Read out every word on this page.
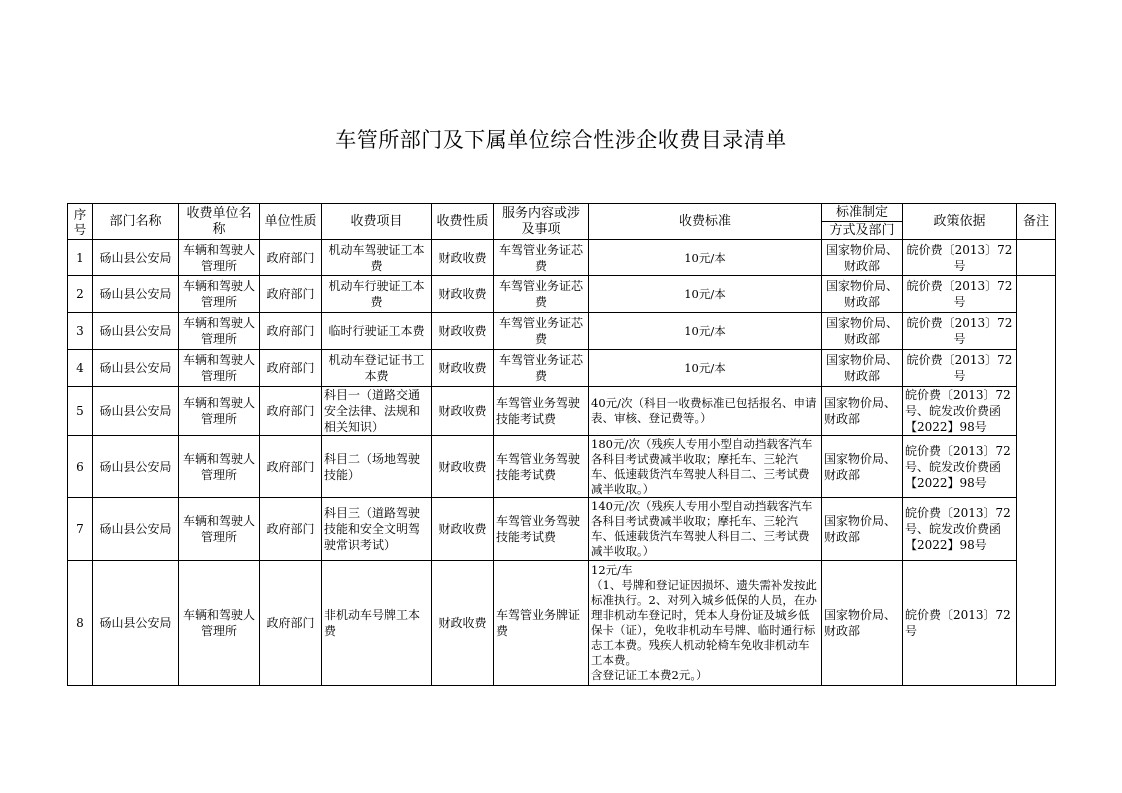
车管所部门及下属单位综合性涉企收费目录清单
序号	部门名称	收费单位名称	单位性质	收费项目	收费性质	服务内容或涉及事项	收费标准	标准制定
方式及部门	政策依据	备注
1	砀山县公安局	车辆和驾驶人管理所	政府部门	机动车驾驶证工本费	财政收费	车驾管业务证芯费	10元/本	国家物价局、财政部	皖价费〔2013〕72号	
2	砀山县公安局	车辆和驾驶人管理所	政府部门	机动车行驶证工本费	财政收费	车驾管业务证芯费	10元/本	国家物价局、财政部	皖价费〔2013〕72号	
3	砀山县公安局	车辆和驾驶人管理所	政府部门	临时行驶证工本费	财政收费	车驾管业务证芯费	10元/本	国家物价局、财政部	皖价费〔2013〕72号	
4	砀山县公安局	车辆和驾驶人管理所	政府部门	机动车登记证书工本费	财政收费	车驾管业务证芯费	10元/本	国家物价局、财政部	皖价费〔2013〕72号	
5	砀山县公安局	车辆和驾驶人管理所	政府部门	科目一（道路交通安全法律、法规和相关知识）	财政收费	车驾管业务驾驶技能考试费	40元/次（科目一收费标准已包括报名、申请表、审核、登记费等。）	国家物价局、财政部	皖价费〔2013〕72号、皖发改价费函【2022】98号	
6	砀山县公安局	车辆和驾驶人管理所	政府部门	科目二（场地驾驶技能）	财政收费	车驾管业务驾驶技能考试费	180元/次（残疾人专用小型自动挡载客汽车各科目考试费减半收取；摩托车、三轮汽车、低速载货汽车驾驶人科目二、三考试费减半收取。）	国家物价局、财政部	皖价费〔2013〕72号、皖发改价费函【2022】98号	
7	砀山县公安局	车辆和驾驶人管理所	政府部门	科目三（道路驾驶技能和安全文明驾驶常识考试）	财政收费	车驾管业务驾驶技能考试费	140元/次（残疾人专用小型自动挡载客汽车各科目考试费减半收取；摩托车、三轮汽车、低速载货汽车驾驶人科目二、三考试费减半收取。）	国家物价局、财政部	皖价费〔2013〕72号、皖发改价费函【2022】98号	
8	砀山县公安局	车辆和驾驶人管理所	政府部门	非机动车号牌工本费	财政收费	车驾管业务牌证费	12元/车
（1、号牌和登记证因损坏、遗失需补发按此标准执行。2、对列入城乡低保的人员，在办理非机动车登记时，凭本人身份证及城乡低保卡（证），免收非机动车号牌、临时通行标志工本费。残疾人机动轮椅车免收非机动车工本费。
含登记证工本费2元。）	国家物价局、财政部	皖价费〔2013〕72号	
